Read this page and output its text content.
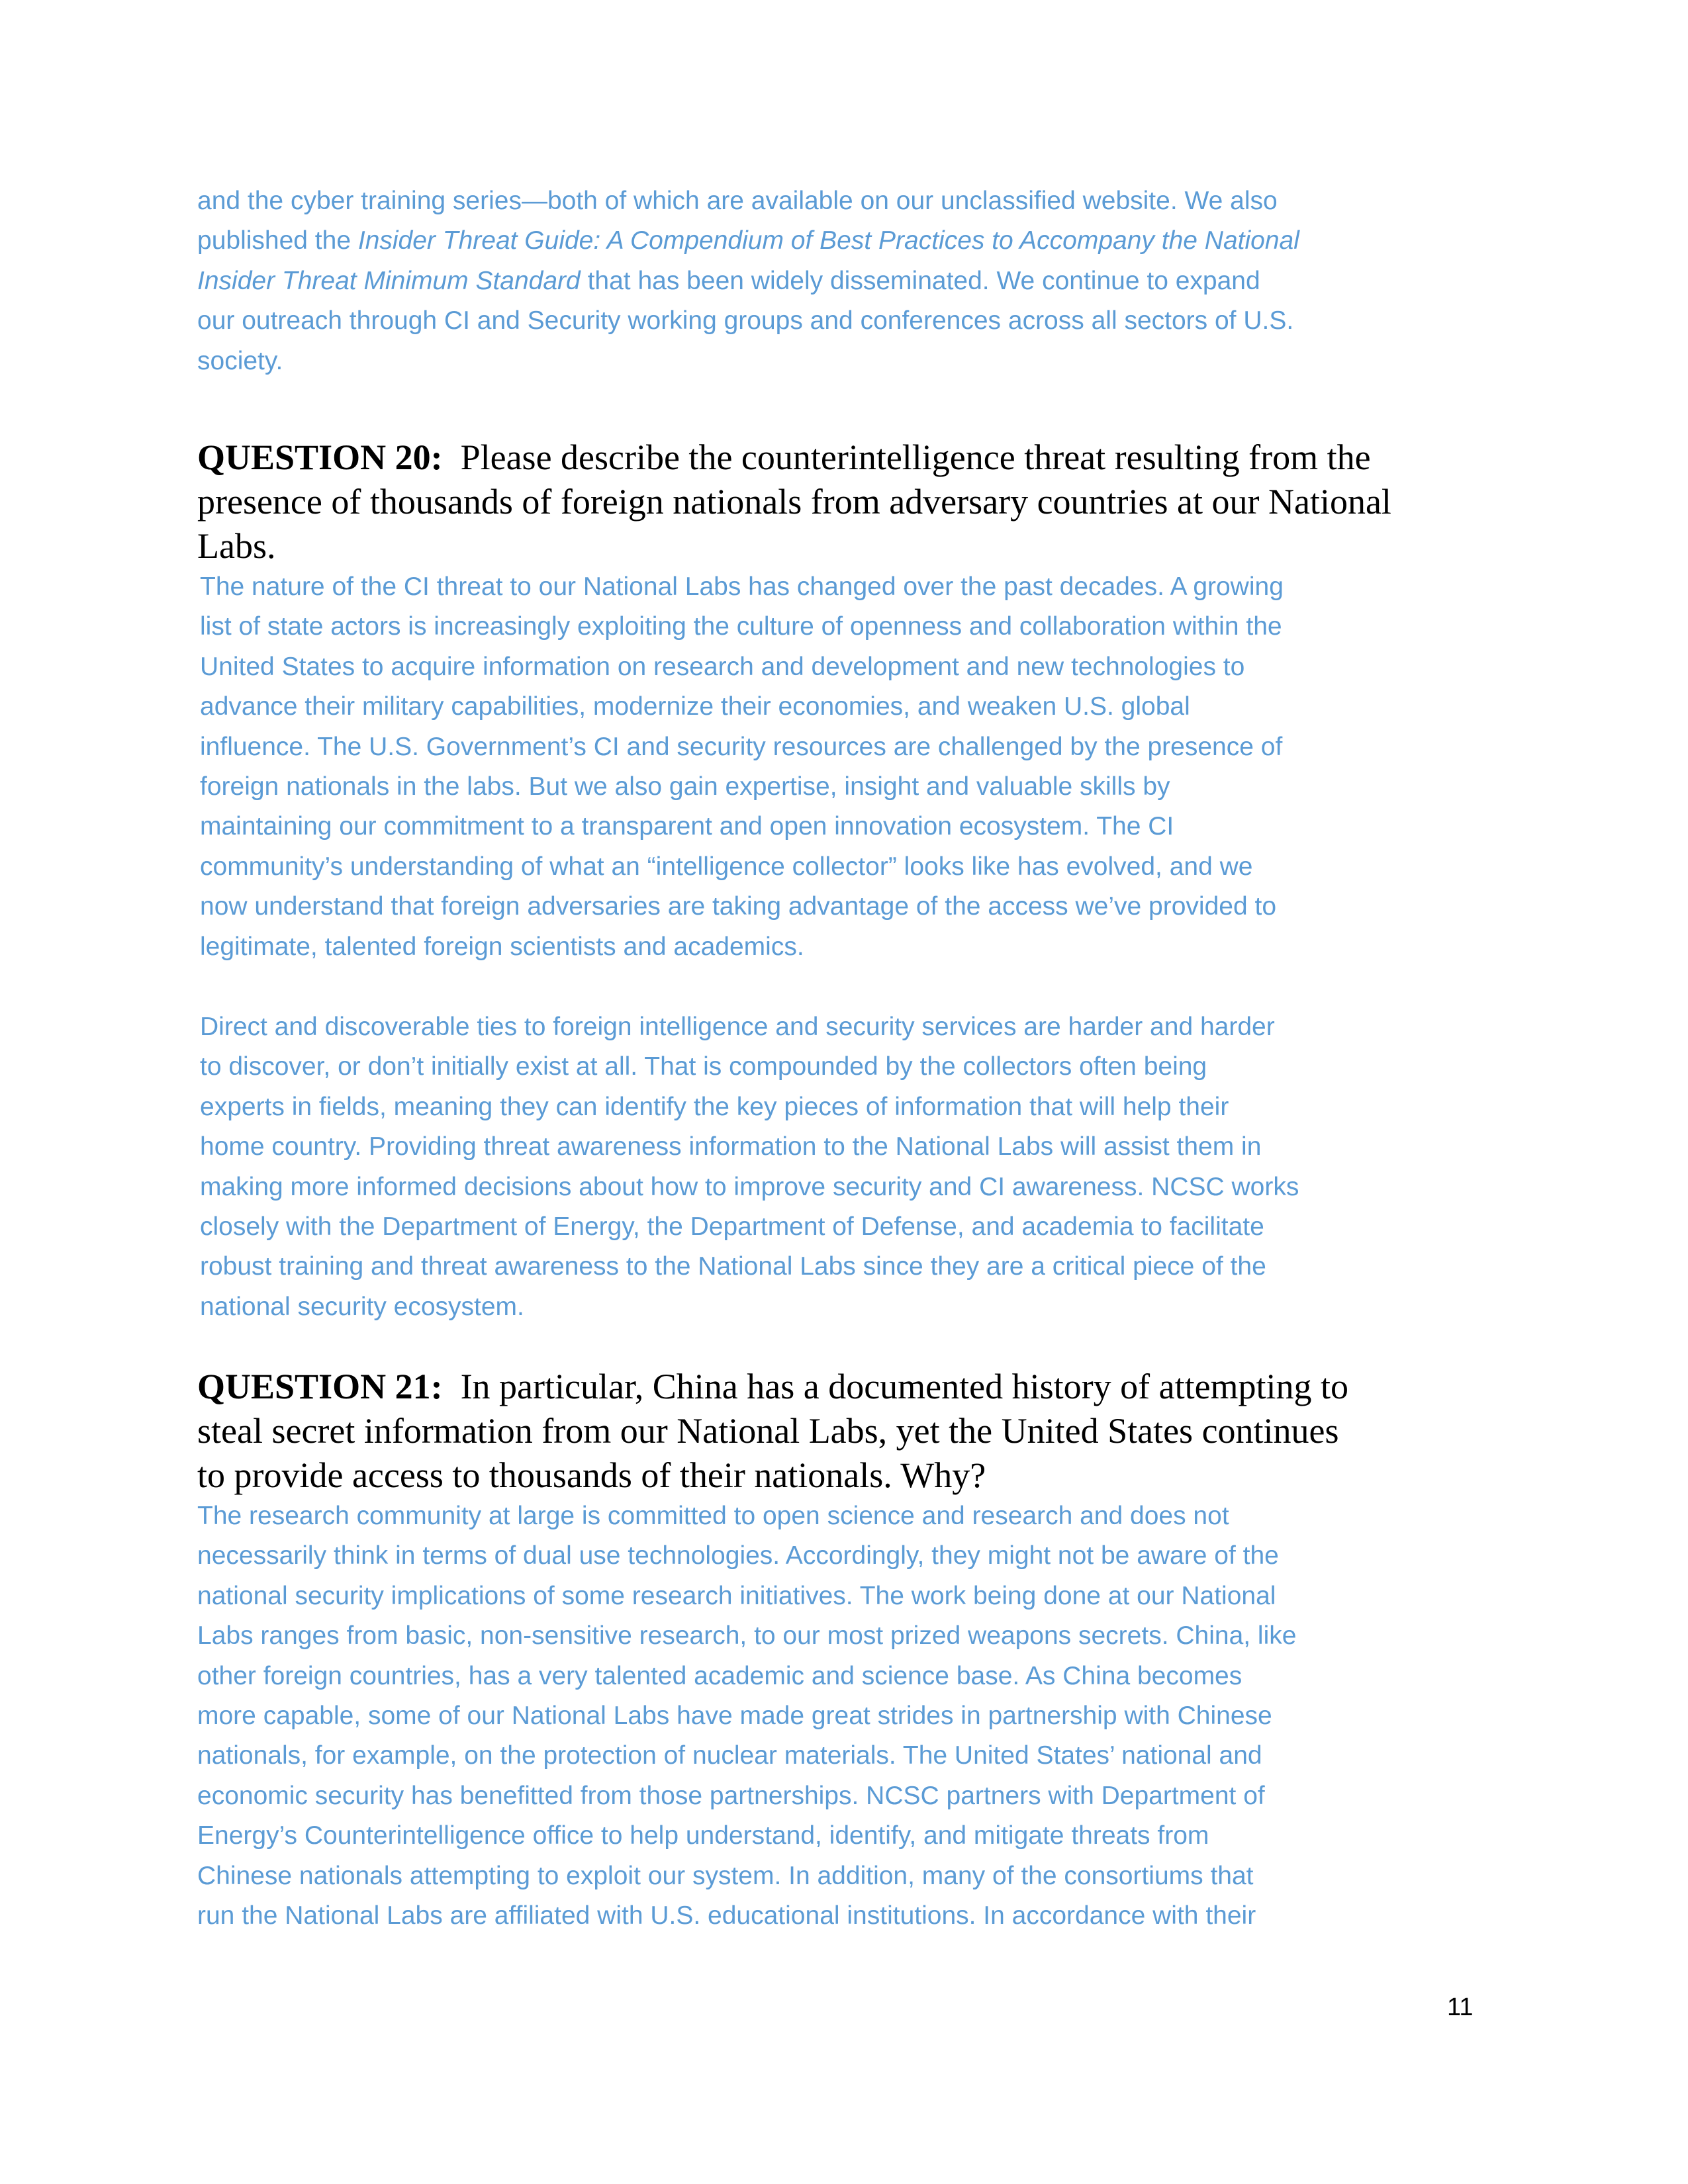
and the cyber training series—both of which are available on our unclassified website. We also
published the Insider Threat Guide: A Compendium of Best Practices to Accompany the National
Insider Threat Minimum Standard that has been widely disseminated. We continue to expand
our outreach through CI and Security working groups and conferences across all sectors of U.S.
society.
QUESTION 20: Please describe the counterintelligence threat resulting from the
presence of thousands of foreign nationals from adversary countries at our National
Labs.
The nature of the CI threat to our National Labs has changed over the past decades. A growing
list of state actors is increasingly exploiting the culture of openness and collaboration within the
United States to acquire information on research and development and new technologies to
advance their military capabilities, modernize their economies, and weaken U.S. global
influence. The U.S. Government’s CI and security resources are challenged by the presence of
foreign nationals in the labs. But we also gain expertise, insight and valuable skills by
maintaining our commitment to a transparent and open innovation ecosystem. The CI
community’s understanding of what an “intelligence collector” looks like has evolved, and we
now understand that foreign adversaries are taking advantage of the access we’ve provided to
legitimate, talented foreign scientists and academics.
Direct and discoverable ties to foreign intelligence and security services are harder and harder
to discover, or don’t initially exist at all. That is compounded by the collectors often being
experts in fields, meaning they can identify the key pieces of information that will help their
home country. Providing threat awareness information to the National Labs will assist them in
making more informed decisions about how to improve security and CI awareness. NCSC works
closely with the Department of Energy, the Department of Defense, and academia to facilitate
robust training and threat awareness to the National Labs since they are a critical piece of the
national security ecosystem.
QUESTION 21: In particular, China has a documented history of attempting to
steal secret information from our National Labs, yet the United States continues
to provide access to thousands of their nationals. Why?
The research community at large is committed to open science and research and does not
necessarily think in terms of dual use technologies. Accordingly, they might not be aware of the
national security implications of some research initiatives. The work being done at our National
Labs ranges from basic, non-sensitive research, to our most prized weapons secrets. China, like
other foreign countries, has a very talented academic and science base. As China becomes
more capable, some of our National Labs have made great strides in partnership with Chinese
nationals, for example, on the protection of nuclear materials. The United States’ national and
economic security has benefitted from those partnerships. NCSC partners with Department of
Energy’s Counterintelligence office to help understand, identify, and mitigate threats from
Chinese nationals attempting to exploit our system. In addition, many of the consortiums that
run the National Labs are affiliated with U.S. educational institutions. In accordance with their
11
